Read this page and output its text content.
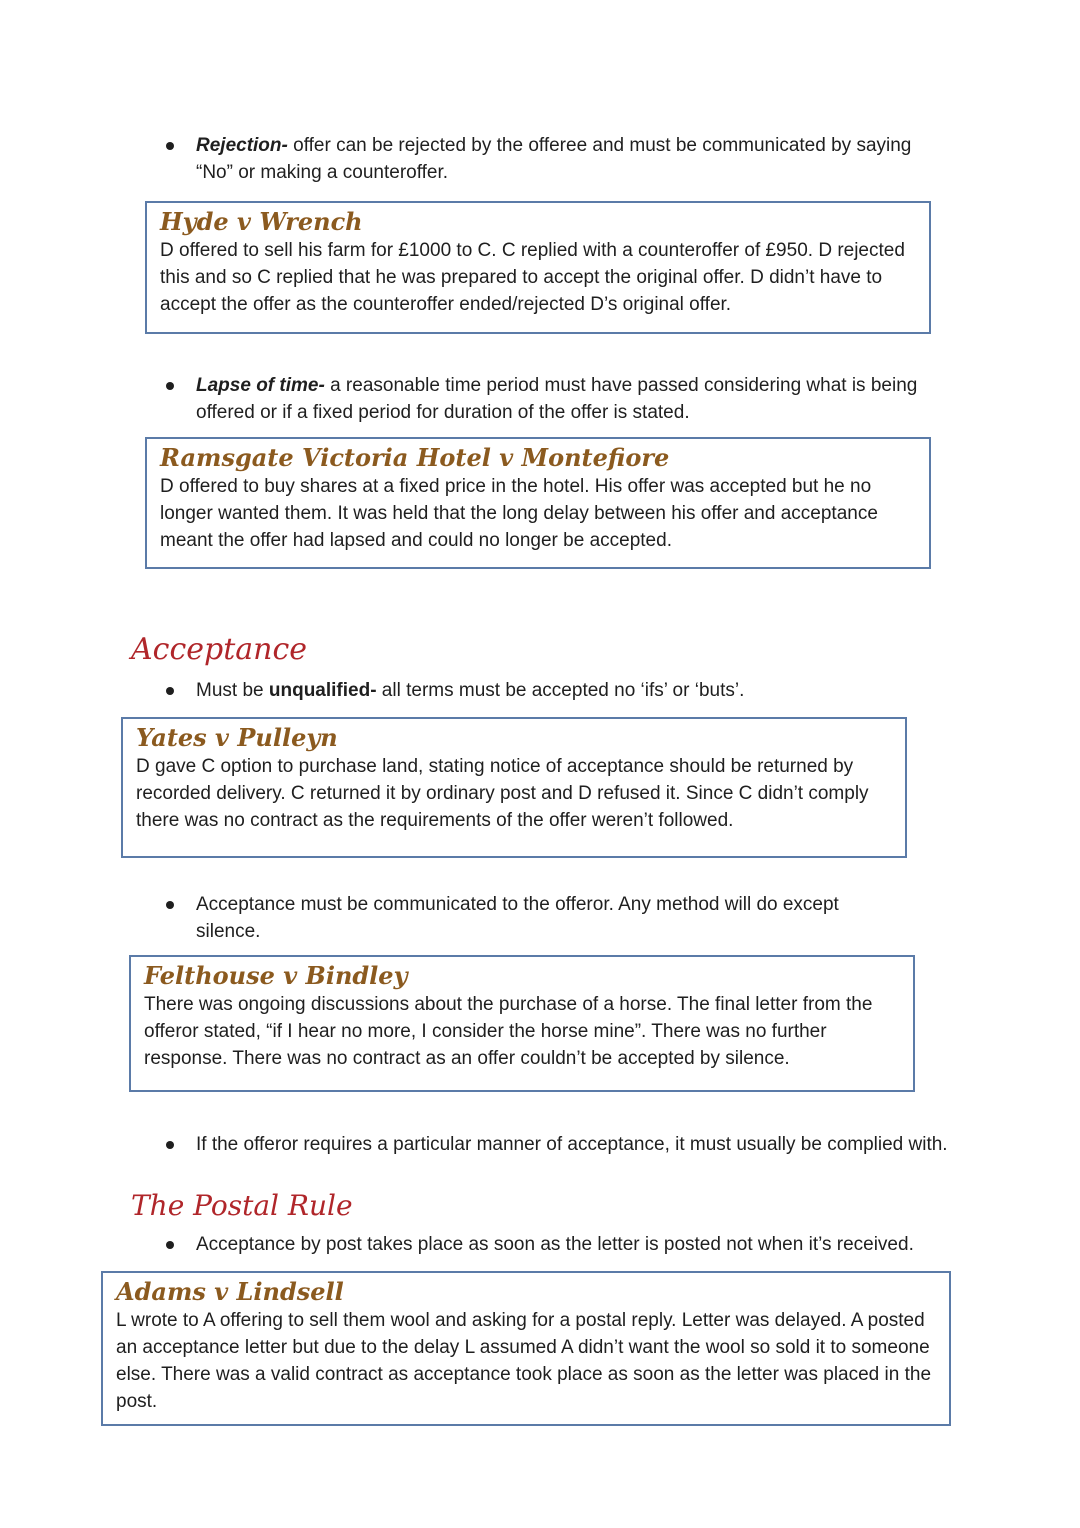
Rejection- offer can be rejected by the offeree and must be communicated by saying “No” or making a counteroffer.
Hyde v Wrench
D offered to sell his farm for £1000 to C. C replied with a counteroffer of £950. D rejected this and so C replied that he was prepared to accept the original offer. D didn’t have to accept the offer as the counteroffer ended/rejected D’s original offer.
Lapse of time- a reasonable time period must have passed considering what is being offered or if a fixed period for duration of the offer is stated.
Ramsgate Victoria Hotel v Montefiore
D offered to buy shares at a fixed price in the hotel. His offer was accepted but he no longer wanted them. It was held that the long delay between his offer and acceptance meant the offer had lapsed and could no longer be accepted.
Acceptance
Must be unqualified- all terms must be accepted no ‘ifs’ or ‘buts’.
Yates v Pulleyn
D gave C option to purchase land, stating notice of acceptance should be returned by recorded delivery. C returned it by ordinary post and D refused it. Since C didn’t comply there was no contract as the requirements of the offer weren’t followed.
Acceptance must be communicated to the offeror. Any method will do except silence.
Felthouse v Bindley
There was ongoing discussions about the purchase of a horse. The final letter from the offeror stated, “if I hear no more, I consider the horse mine”. There was no further response. There was no contract as an offer couldn’t be accepted by silence.
If the offeror requires a particular manner of acceptance, it must usually be complied with.
The Postal Rule
Acceptance by post takes place as soon as the letter is posted not when it’s received.
Adams v Lindsell
L wrote to A offering to sell them wool and asking for a postal reply. Letter was delayed. A posted an acceptance letter but due to the delay L assumed A didn’t want the wool so sold it to someone else. There was a valid contract as acceptance took place as soon as the letter was placed in the post.
